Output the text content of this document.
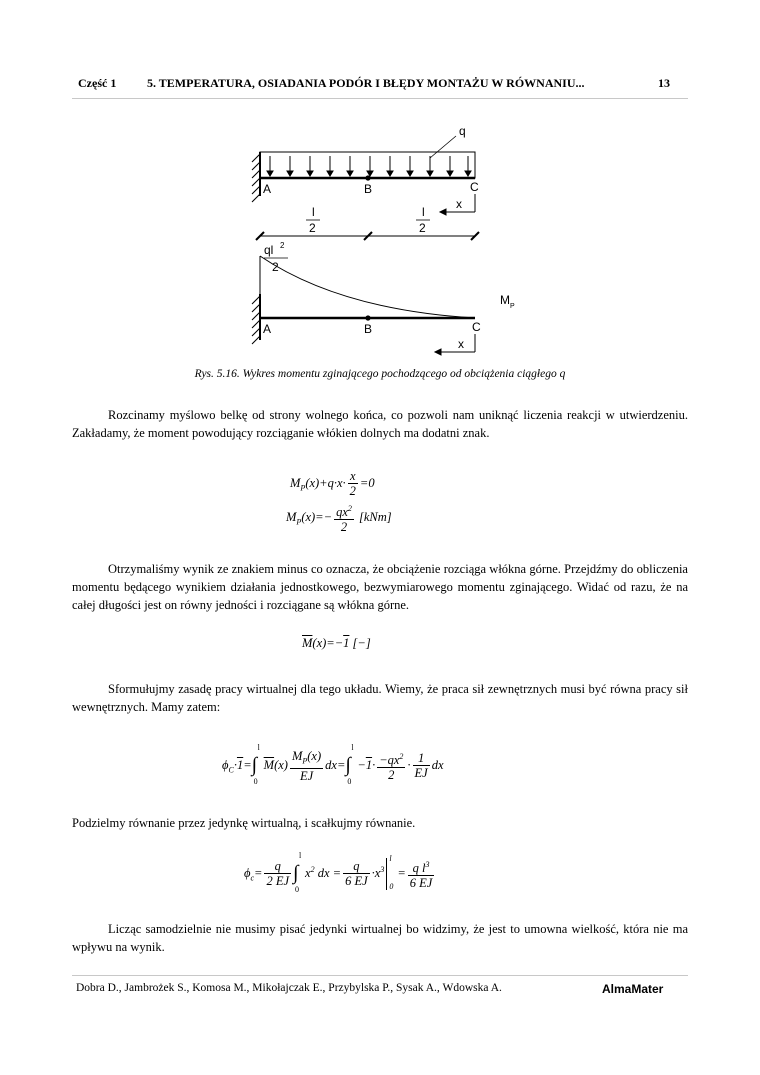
Część 1	5. TEMPERATURA, OSIADANIA PODÓR I BŁĘDY MONTAŻU W RÓWNANIU...	13
q
A	B	C
x
l
2
l
2
ql 2
2
M P
A	B	C
x
Rys. 5.16. Wykres momentu zginającego pochodzącego od obciążenia ciągłego q
Rozcinamy myślowo belkę od strony wolnego końca, co pozwoli nam uniknąć liczenia reakcji w utwierdzeniu. Zakładamy, że moment powodujący rozciąganie włókien dolnych ma dodatni znak.
$M_P(x)+q\cdot x\cdot \frac{x}{2} =0$
$M_P(x)=- \frac{qx^2}{2} [kNm]$
Otrzymaliśmy wynik ze znakiem minus co oznacza, że obciążenie rozciąga włókna górne. Przejdźmy do obliczenia momentu będącego wynikiem działania jednostkowego, bezwymiarowego momentu zginającego. Widać od razu, że na całej długości jest on równy jedności i rozciągane są włókna górne.
$\overline{M}(x)=-1$ [−]
Sformułujmy zasadę pracy wirtualnej dla tego układu. Wiemy, że praca sił zewnętrznych musi być równa pracy sił wewnętrznych. Mamy zatem:
$\phi_C\cdot 1=$ ∫
l
0
$\overline{M}(x) \frac{M_P(x)}{EJ} dx=$ ∫
l
0
$-1\cdot \frac{-qx^2}{2} \cdot \frac{1}{EJ}$ dx
Podzielmy równanie przez jedynkę wirtualną, i scałkujmy równanie.
$\phi_c= \frac{q}{2 EJ}$ ∫
l
0
$x^2$ dx = $\frac{q}{6 EJ} \cdot x^3$
l
0
= $\frac{q l^3}{6 EJ}$
Licząc samodzielnie nie musimy pisać jedynki wirtualnej bo widzimy, że jest to umowna wielkość, która nie ma wpływu na wynik.
Dobra D., Jambrożek S., Komosa M., Mikołajczak E., Przybylska P., Sysak A., Wdowska A.	AlmaMater
